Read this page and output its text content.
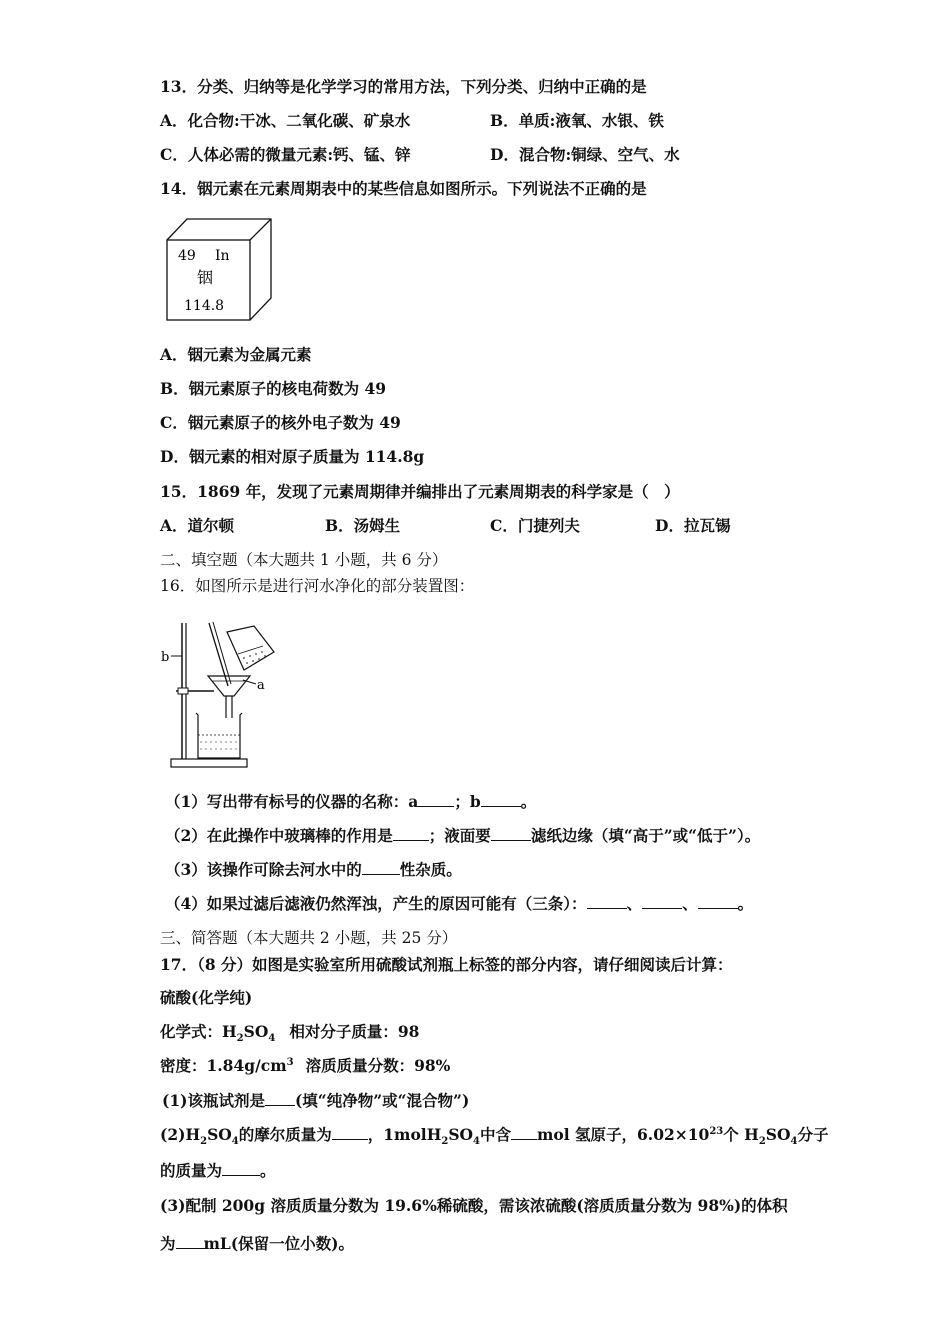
13．分类、归纳等是化学学习的常用方法，下列分类、归纳中正确的是
A．化合物:干冰、二氧化碳、矿泉水	B．单质:液氧、水银、铁
C．人体必需的微量元素:钙、锰、锌	D．混合物:铜绿、空气、水
14．铟元素在元素周期表中的某些信息如图所示。下列说法不正确的是
49 In
铟
114.8
A．铟元素为金属元素
B．铟元素原子的核电荷数为 49
C．铟元素原子的核外电子数为 49
D．铟元素的相对原子质量为 114.8g
15．1869 年，发现了元素周期律并编排出了元素周期表的科学家是（　）
A．道尔顿	B．汤姆生	C．门捷列夫	D．拉瓦锡
二、填空题（本大题共 1 小题，共 6 分）
16．如图所示是进行河水净化的部分装置图：
b
a
（1）写出带有标号的仪器的名称：a ；b	。
（2）在此操作中玻璃棒的作用是 ；液面要	滤纸边缘（填“高于”或“低于”）。
（3）该操作可除去河水中的 性杂质。
（4）如果过滤后滤液仍然浑浊，产生的原因可能有（三条）：	、	、	。
三、简答题（本大题共 2 小题，共 25 分）
17．（8 分）如图是实验室所用硫酸试剂瓶上标签的部分内容，请仔细阅读后计算：
硫酸(化学纯)
化学式：$H_2SO_4$ 相对分子质量：98
密度：$1.84g/cm^3$ 溶质质量分数：98%
(1)该瓶试剂是 (填“纯净物”或“混合物”)
$(2)H_2SO_4$的摩尔质量为 ，$1molH_2SO_4$中含 mol 氢原子，$6.02\times 10^{23}$个 $H_2SO_4$分子
的质量为 。
(3)配制 200g 溶质质量分数为 19.6%稀硫酸，需该浓硫酸(溶质质量分数为 98%)的体积
为 mL(保留一位小数)。
